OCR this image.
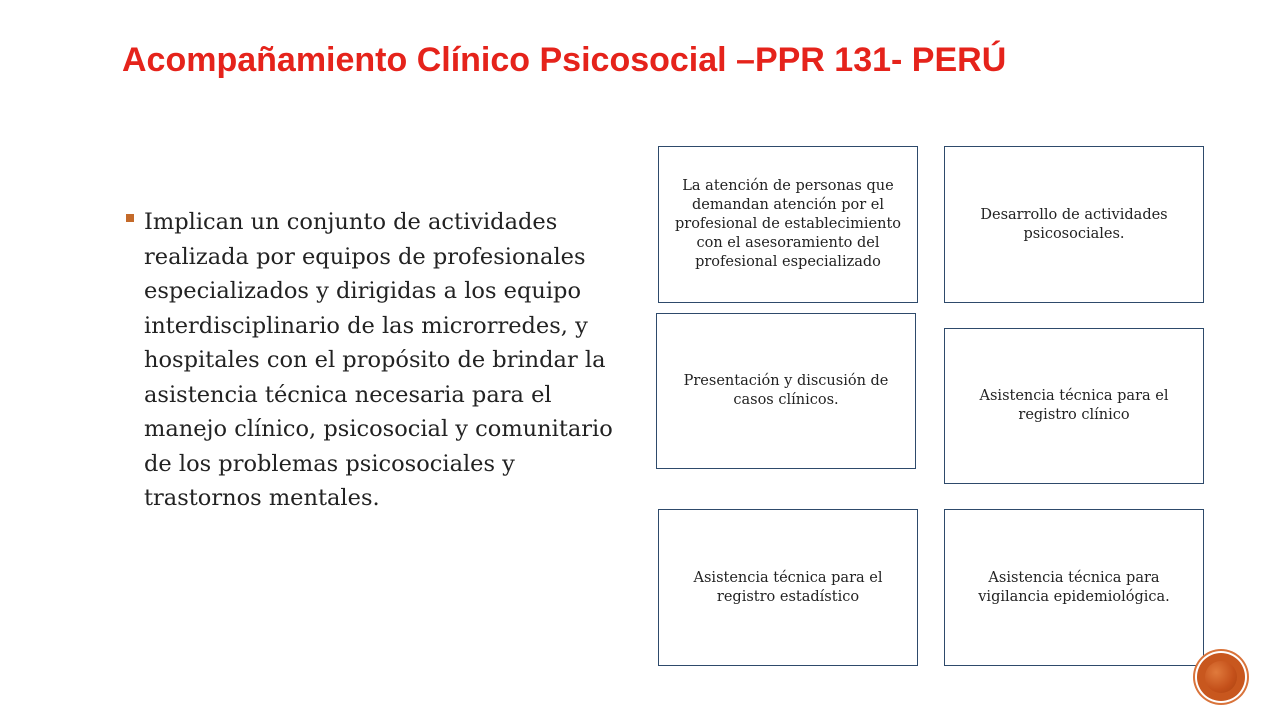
Acompañamiento Clínico Psicosocial –PPR 131- PERÚ
Implican un conjunto de actividades realizada por equipos de profesionales especializados y dirigidas a los equipo interdisciplinario de las microrredes, y hospitales con el propósito de brindar la asistencia técnica necesaria para el manejo clínico, psicosocial y comunitario de los problemas psicosociales y trastornos mentales.
La atención de personas que demandan atención por el profesional de establecimiento con el asesoramiento del profesional especializado
Desarrollo de actividades psicosociales.
Presentación y discusión de casos clínicos.	Asistencia técnica para el registro clínico
Asistencia técnica para el registro estadístico
Asistencia técnica para vigilancia epidemiológica.
